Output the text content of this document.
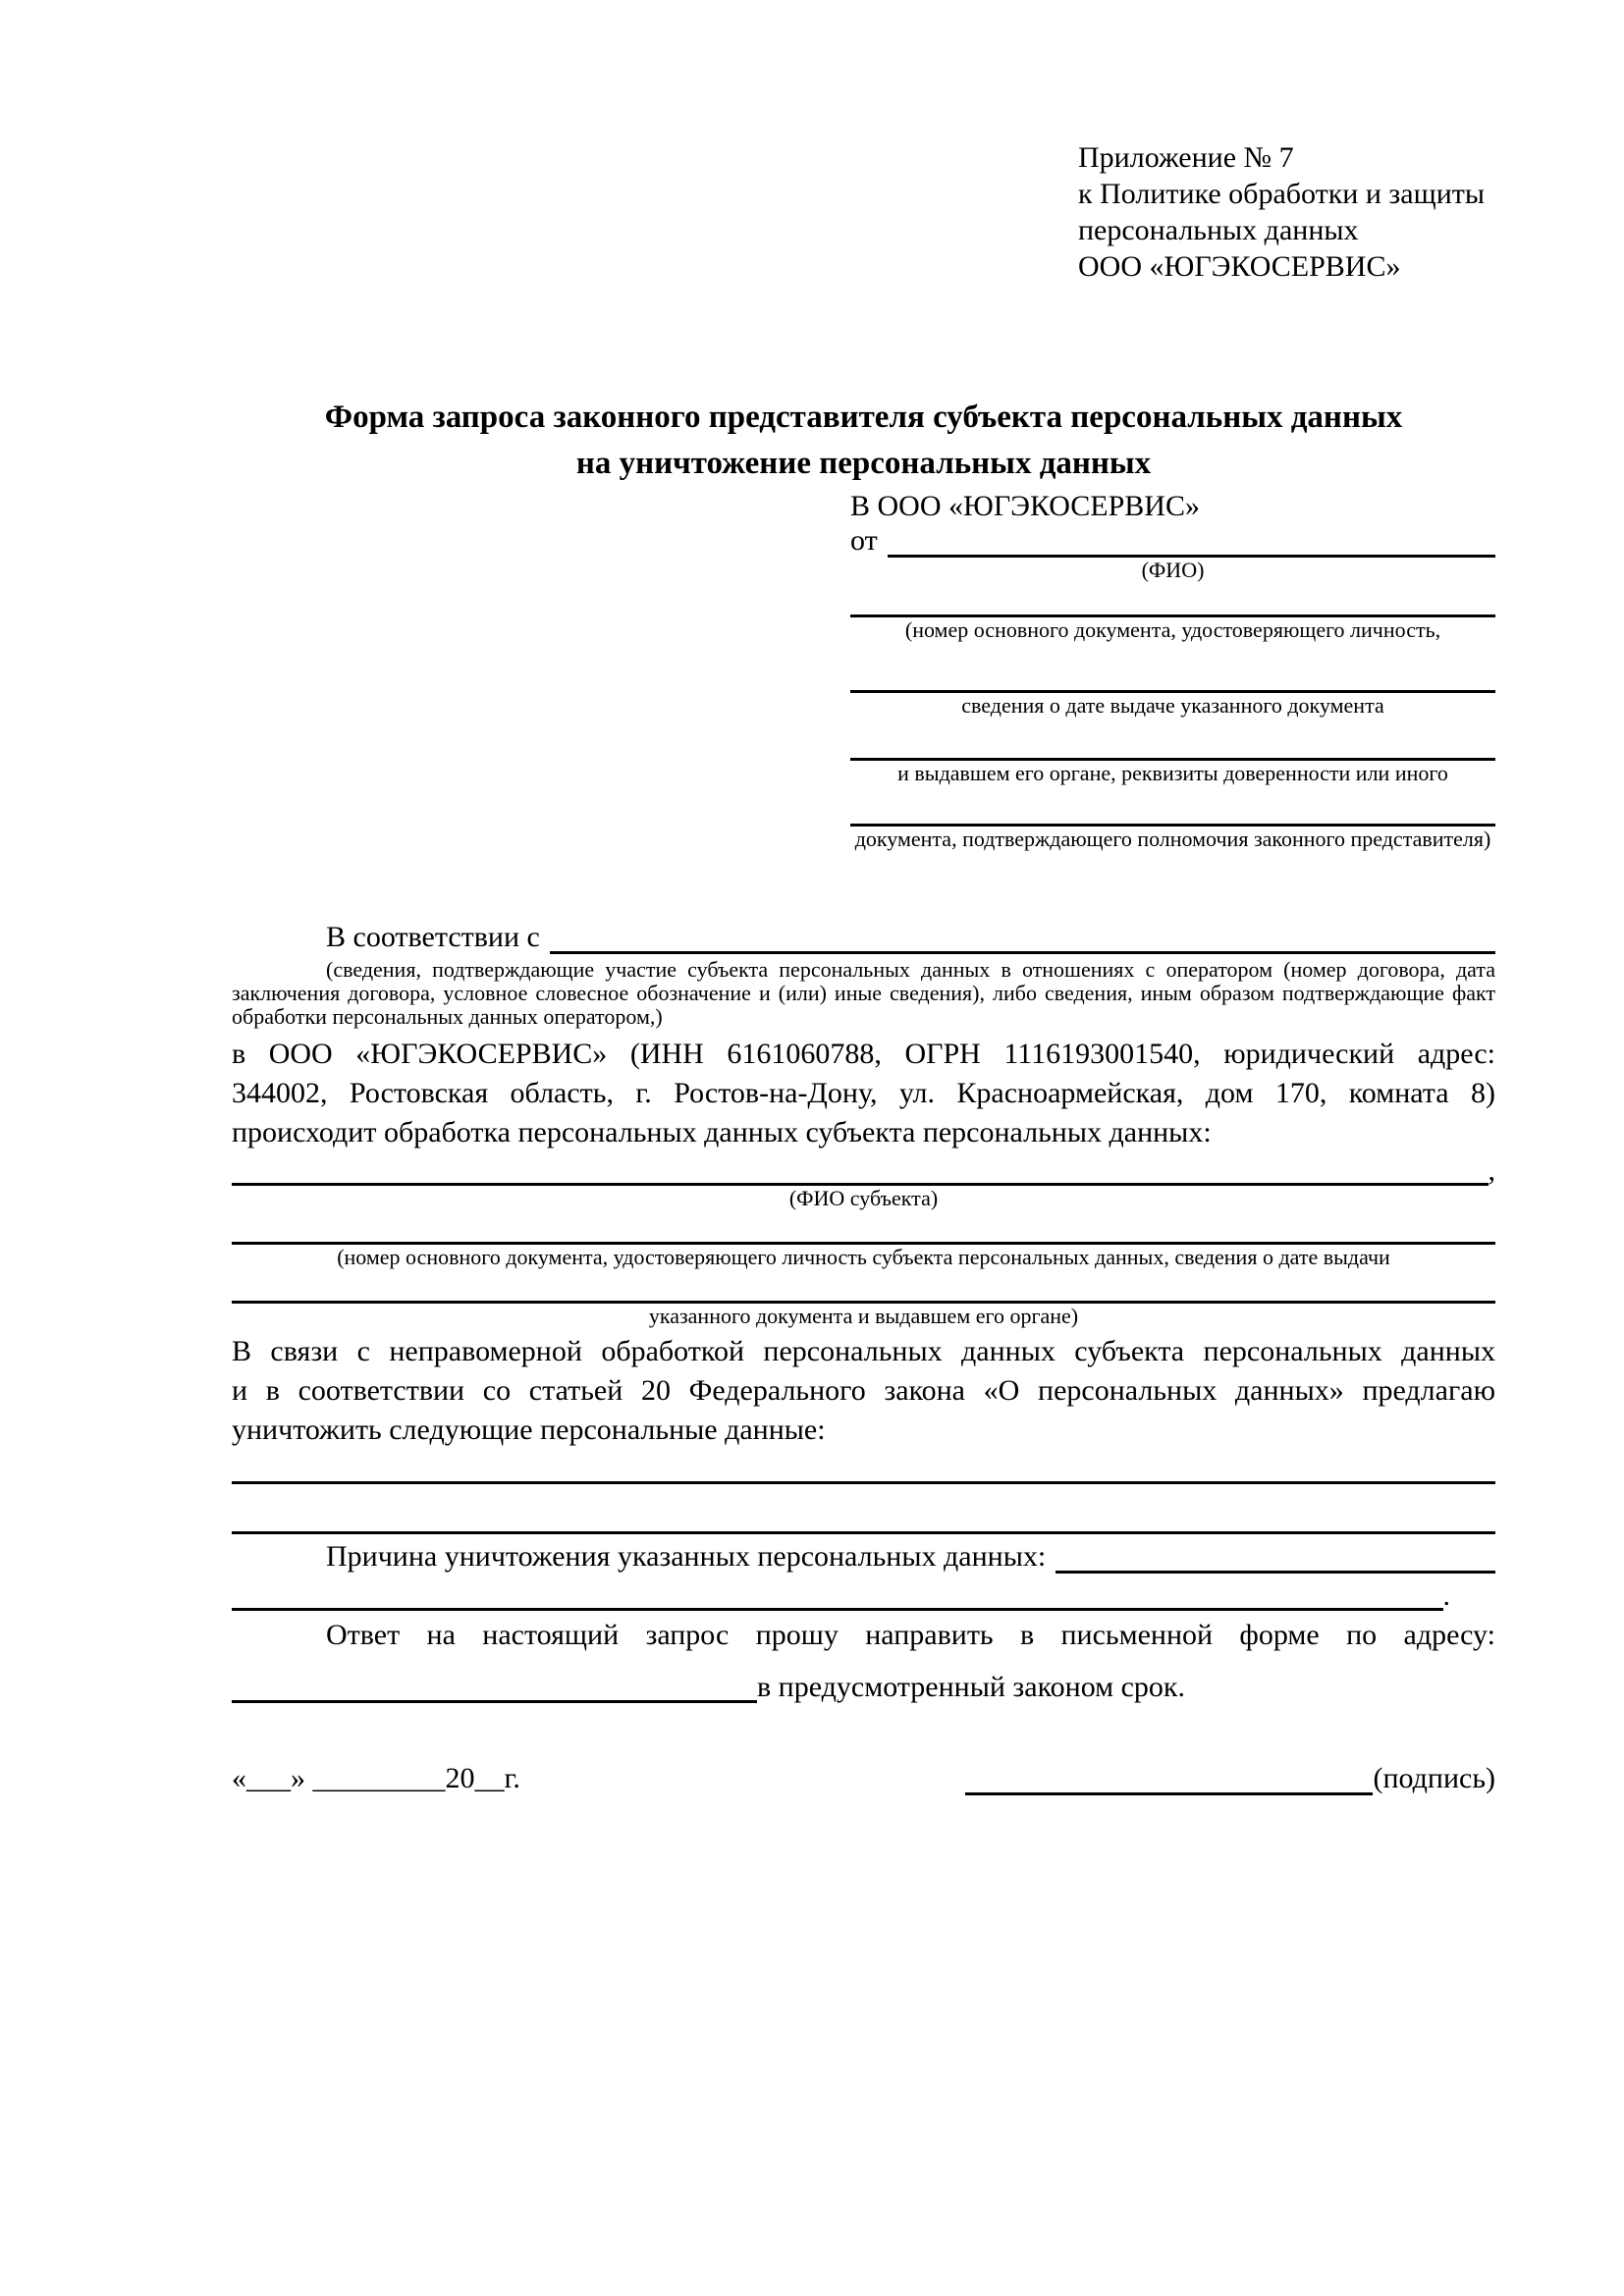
Приложение № 7
к Политике обработки и защиты
персональных данных
ООО «ЮГЭКОСЕРВИС»
Форма запроса законного представителя субъекта персональных данных
на уничтожение персональных данных
В ООО «ЮГЭКОСЕРВИС»
от
(ФИО)
(номер основного документа, удостоверяющего личность,
сведения о дате выдаче указанного документа
и выдавшем его органе, реквизиты доверенности или иного
документа, подтверждающего полномочия законного представителя)
В соответствии с
(сведения, подтверждающие участие субъекта персональных данных в отношениях с оператором (номер договора, дата
заключения договора, условное словесное обозначение и (или) иные сведения), либо сведения, иным образом подтверждающие факт
обработки персональных данных оператором,)
в ООО «ЮГЭКОСЕРВИС» (ИНН 6161060788, ОГРН 1116193001540, юридический адрес:
344002, Ростовская область, г. Ростов-на-Дону, ул. Красноармейская, дом 170, комната 8)
происходит обработка персональных данных субъекта персональных данных:
,
(ФИО субъекта)
(номер основного документа, удостоверяющего личность субъекта персональных данных, сведения о дате выдачи
указанного документа и выдавшем его органе)
В связи с неправомерной обработкой персональных данных субъекта персональных данных
и в соответствии со статьей 20 Федерального закона «О персональных данных» предлагаю
уничтожить следующие персональные данные:
Причина уничтожения указанных персональных данных:
.
Ответ на настоящий запрос прошу направить в письменной форме по адресу:
в предусмотренный законом срок.
«___» _________20__г.	(подпись)
